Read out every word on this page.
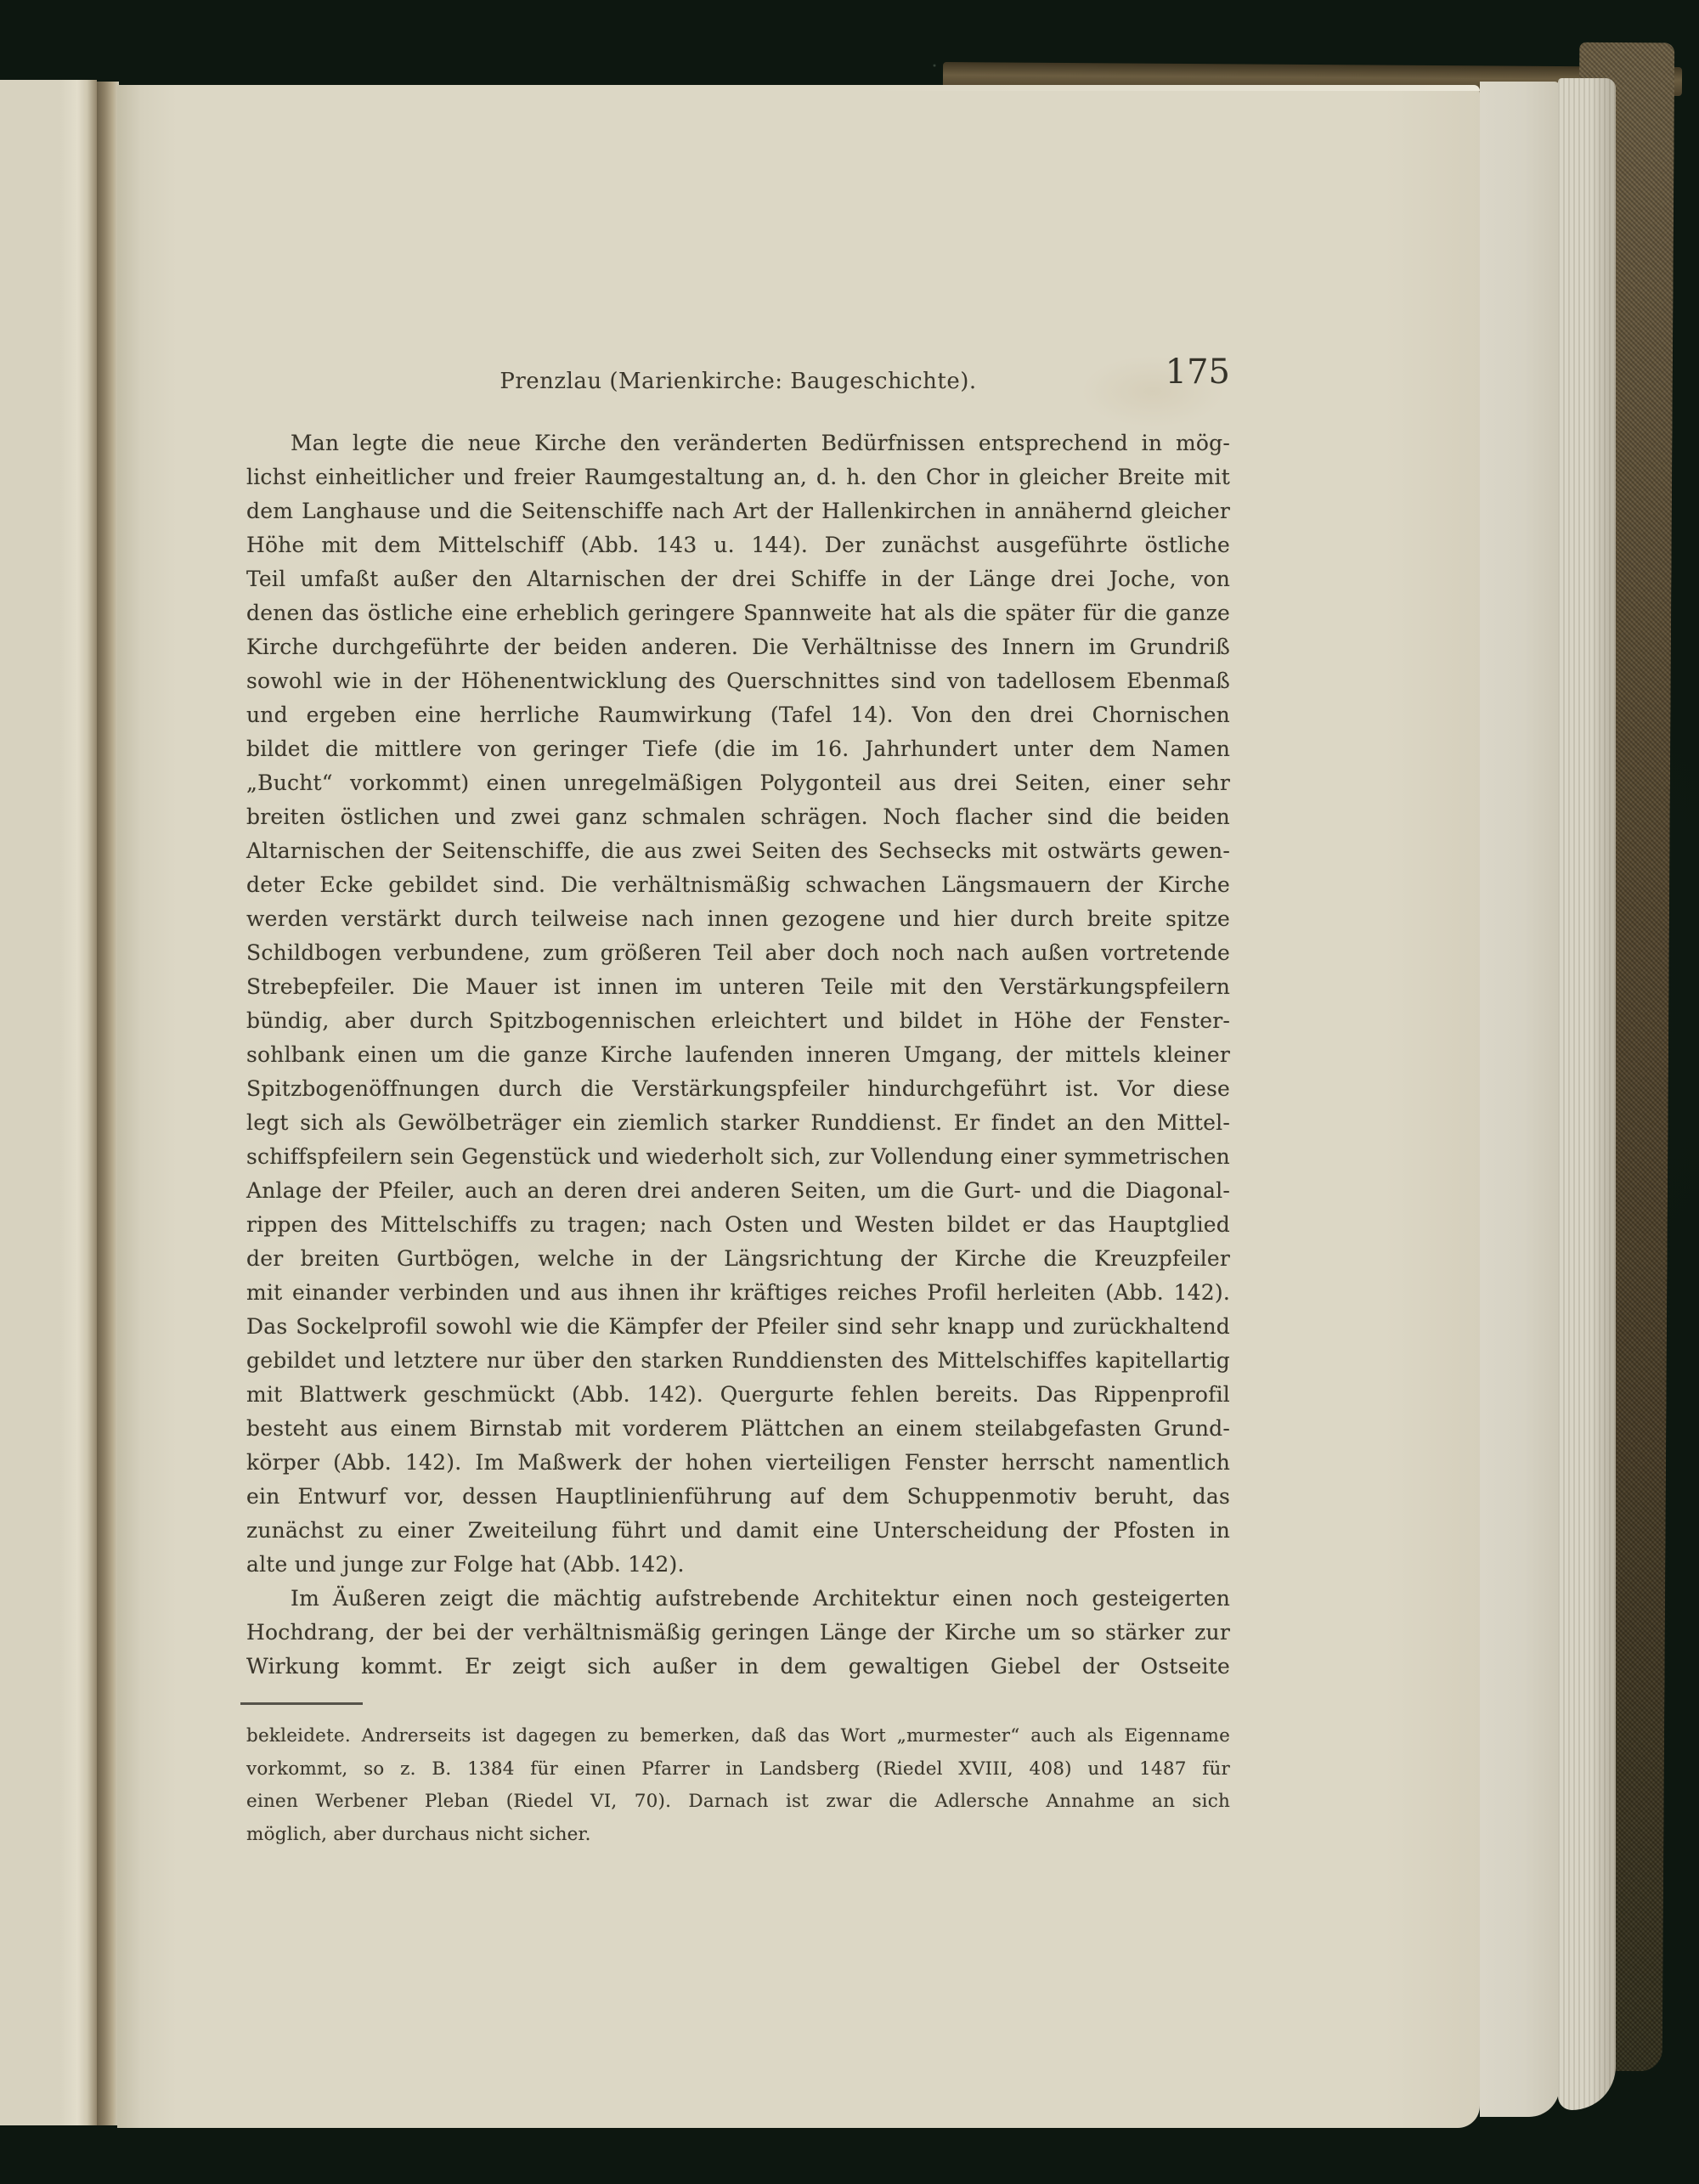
Prenzlau (Marienkirche: Baugeschichte).	175
Man legte die neue Kirche den veränderten Bedürfnissen entsprechend in mög-
lichst einheitlicher und freier Raumgestaltung an, d. h. den Chor in gleicher Breite mit
dem Langhause und die Seitenschiffe nach Art der Hallenkirchen in annähernd gleicher
Höhe mit dem Mittelschiff (Abb. 143 u. 144). Der zunächst ausgeführte östliche
Teil umfaßt außer den Altarnischen der drei Schiffe in der Länge drei Joche, von
denen das östliche eine erheblich geringere Spannweite hat als die später für die ganze
Kirche durchgeführte der beiden anderen. Die Verhältnisse des Innern im Grundriß
sowohl wie in der Höhenentwicklung des Querschnittes sind von tadellosem Ebenmaß
und ergeben eine herrliche Raumwirkung (Tafel 14). Von den drei Chornischen
bildet die mittlere von geringer Tiefe (die im 16. Jahrhundert unter dem Namen
„Bucht“ vorkommt) einen unregelmäßigen Polygonteil aus drei Seiten, einer sehr
breiten östlichen und zwei ganz schmalen schrägen. Noch flacher sind die beiden
Altarnischen der Seitenschiffe, die aus zwei Seiten des Sechsecks mit ostwärts gewen-
deter Ecke gebildet sind. Die verhältnismäßig schwachen Längsmauern der Kirche
werden verstärkt durch teilweise nach innen gezogene und hier durch breite spitze
Schildbogen verbundene, zum größeren Teil aber doch noch nach außen vortretende
Strebepfeiler. Die Mauer ist innen im unteren Teile mit den Verstärkungspfeilern
bündig, aber durch Spitzbogennischen erleichtert und bildet in Höhe der Fenster-
sohlbank einen um die ganze Kirche laufenden inneren Umgang, der mittels kleiner
Spitzbogenöffnungen durch die Verstärkungspfeiler hindurchgeführt ist. Vor diese
legt sich als Gewölbeträger ein ziemlich starker Runddienst. Er findet an den Mittel-
schiffspfeilern sein Gegenstück und wiederholt sich, zur Vollendung einer symmetrischen
Anlage der Pfeiler, auch an deren drei anderen Seiten, um die Gurt- und die Diagonal-
rippen des Mittelschiffs zu tragen; nach Osten und Westen bildet er das Hauptglied
der breiten Gurtbögen, welche in der Längsrichtung der Kirche die Kreuzpfeiler
mit einander verbinden und aus ihnen ihr kräftiges reiches Profil herleiten (Abb. 142).
Das Sockelprofil sowohl wie die Kämpfer der Pfeiler sind sehr knapp und zurückhaltend
gebildet und letztere nur über den starken Runddiensten des Mittelschiffes kapitellartig
mit Blattwerk geschmückt (Abb. 142). Quergurte fehlen bereits. Das Rippenprofil
besteht aus einem Birnstab mit vorderem Plättchen an einem steilabgefasten Grund-
körper (Abb. 142). Im Maßwerk der hohen vierteiligen Fenster herrscht namentlich
ein Entwurf vor, dessen Hauptlinienführung auf dem Schuppenmotiv beruht, das
zunächst zu einer Zweiteilung führt und damit eine Unterscheidung der Pfosten in
alte und junge zur Folge hat (Abb. 142).
Im Äußeren zeigt die mächtig aufstrebende Architektur einen noch gesteigerten
Hochdrang, der bei der verhältnismäßig geringen Länge der Kirche um so stärker zur
Wirkung kommt. Er zeigt sich außer in dem gewaltigen Giebel der Ostseite
bekleidete. Andrerseits ist dagegen zu bemerken, daß das Wort „murmester“ auch als Eigenname
vorkommt, so z. B. 1384 für einen Pfarrer in Landsberg (Riedel XVIII, 408) und 1487 für
einen Werbener Pleban (Riedel VI, 70). Darnach ist zwar die Adlersche Annahme an sich
möglich, aber durchaus nicht sicher.
